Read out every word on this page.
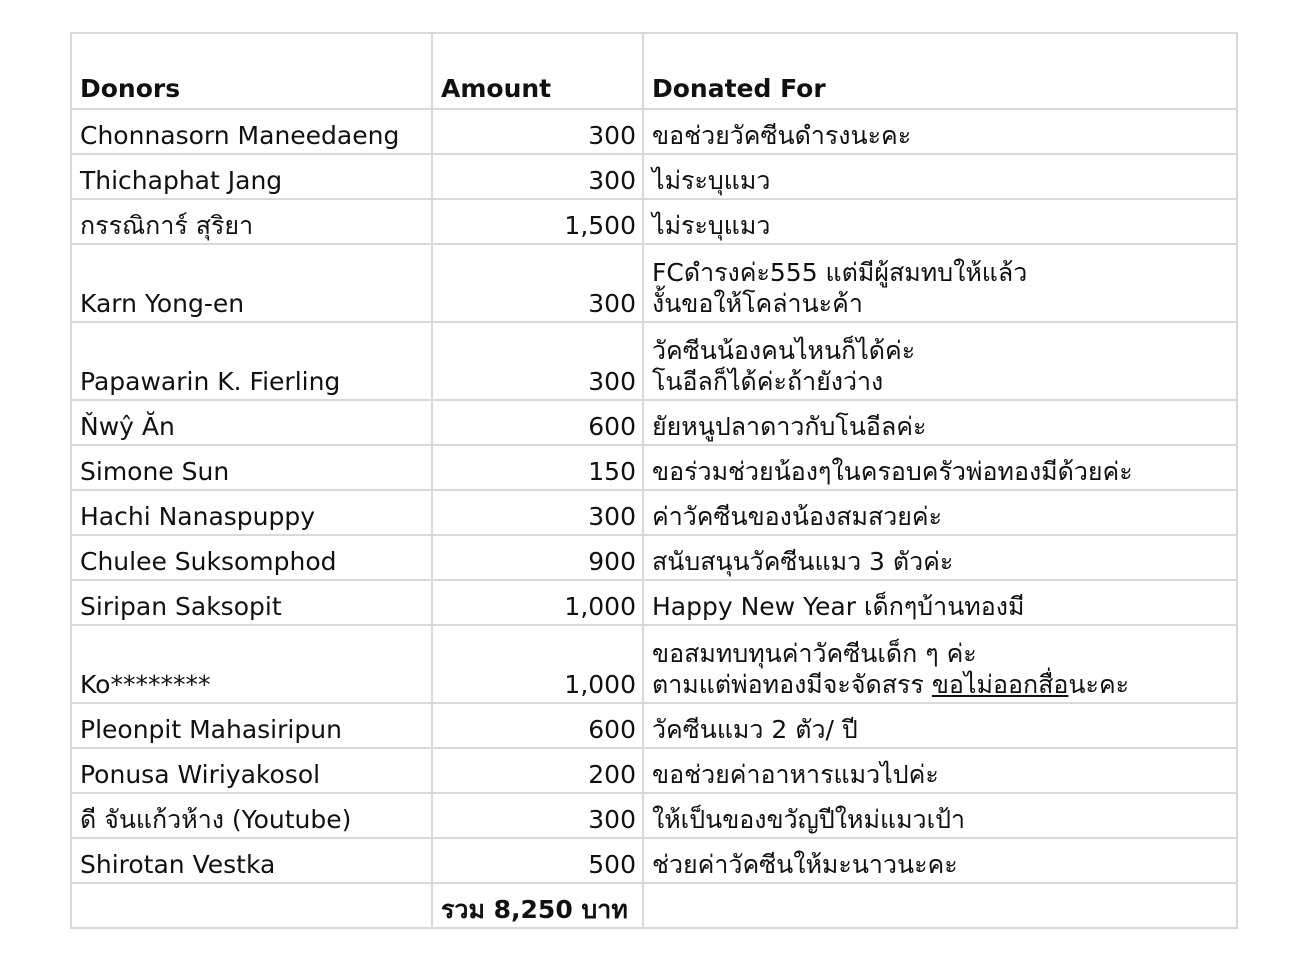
Donors	Amount	Donated For
Chonnasorn Maneedaeng	300	ขอช่วยวัคซีนดำรงนะคะ

Thichaphat Jang	300	ไม่ระบุแมว

กรรณิการ์ สุริยา	1,500	ไม่ระบุแมว

Karn Yong-en	300	FCดำรงค่ะ555 แต่มีผู้สมทบให้แล้ว
งั้นขอให้โคล่านะค้า

Papawarin K. Fierling	300	วัคซีนน้องคนไหนก็ได้ค่ะ
โนอีลก็ได้ค่ะถ้ายังว่าง

Ňwŷ Ăn	600	ยัยหนูปลาดาวกับโนอีลค่ะ

Simone Sun	150	ขอร่วมช่วยน้องๆในครอบครัวพ่อทองมีด้วยค่ะ

Hachi Nanaspuppy	300	ค่าวัคซีนของน้องสมสวยค่ะ

Chulee Suksomphod	900	สนับสนุนวัคซีนแมว 3 ตัวค่ะ

Siripan Saksopit	1,000	Happy New Year เด็กๆบ้านทองมี

Ko********	1,000	ขอสมทบทุนค่าวัคซีนเด็ก ๆ ค่ะ
ตามแต่พ่อทองมีจะจัดสรร ขอไม่ออกสื่อนะคะ

Pleonpit Mahasiripun	600	วัคซีนแมว 2 ตัว/ ปี

Ponusa Wiriyakosol	200	ขอช่วยค่าอาหารแมวไปค่ะ

ดี จันแก้วห้าง (Youtube)	300	ให้เป็นของขวัญปีใหม่แมวเป้า

Shirotan Vestka	500	ช่วยค่าวัคซีนให้มะนาวนะคะ

	รวม 8,250 บาท	
